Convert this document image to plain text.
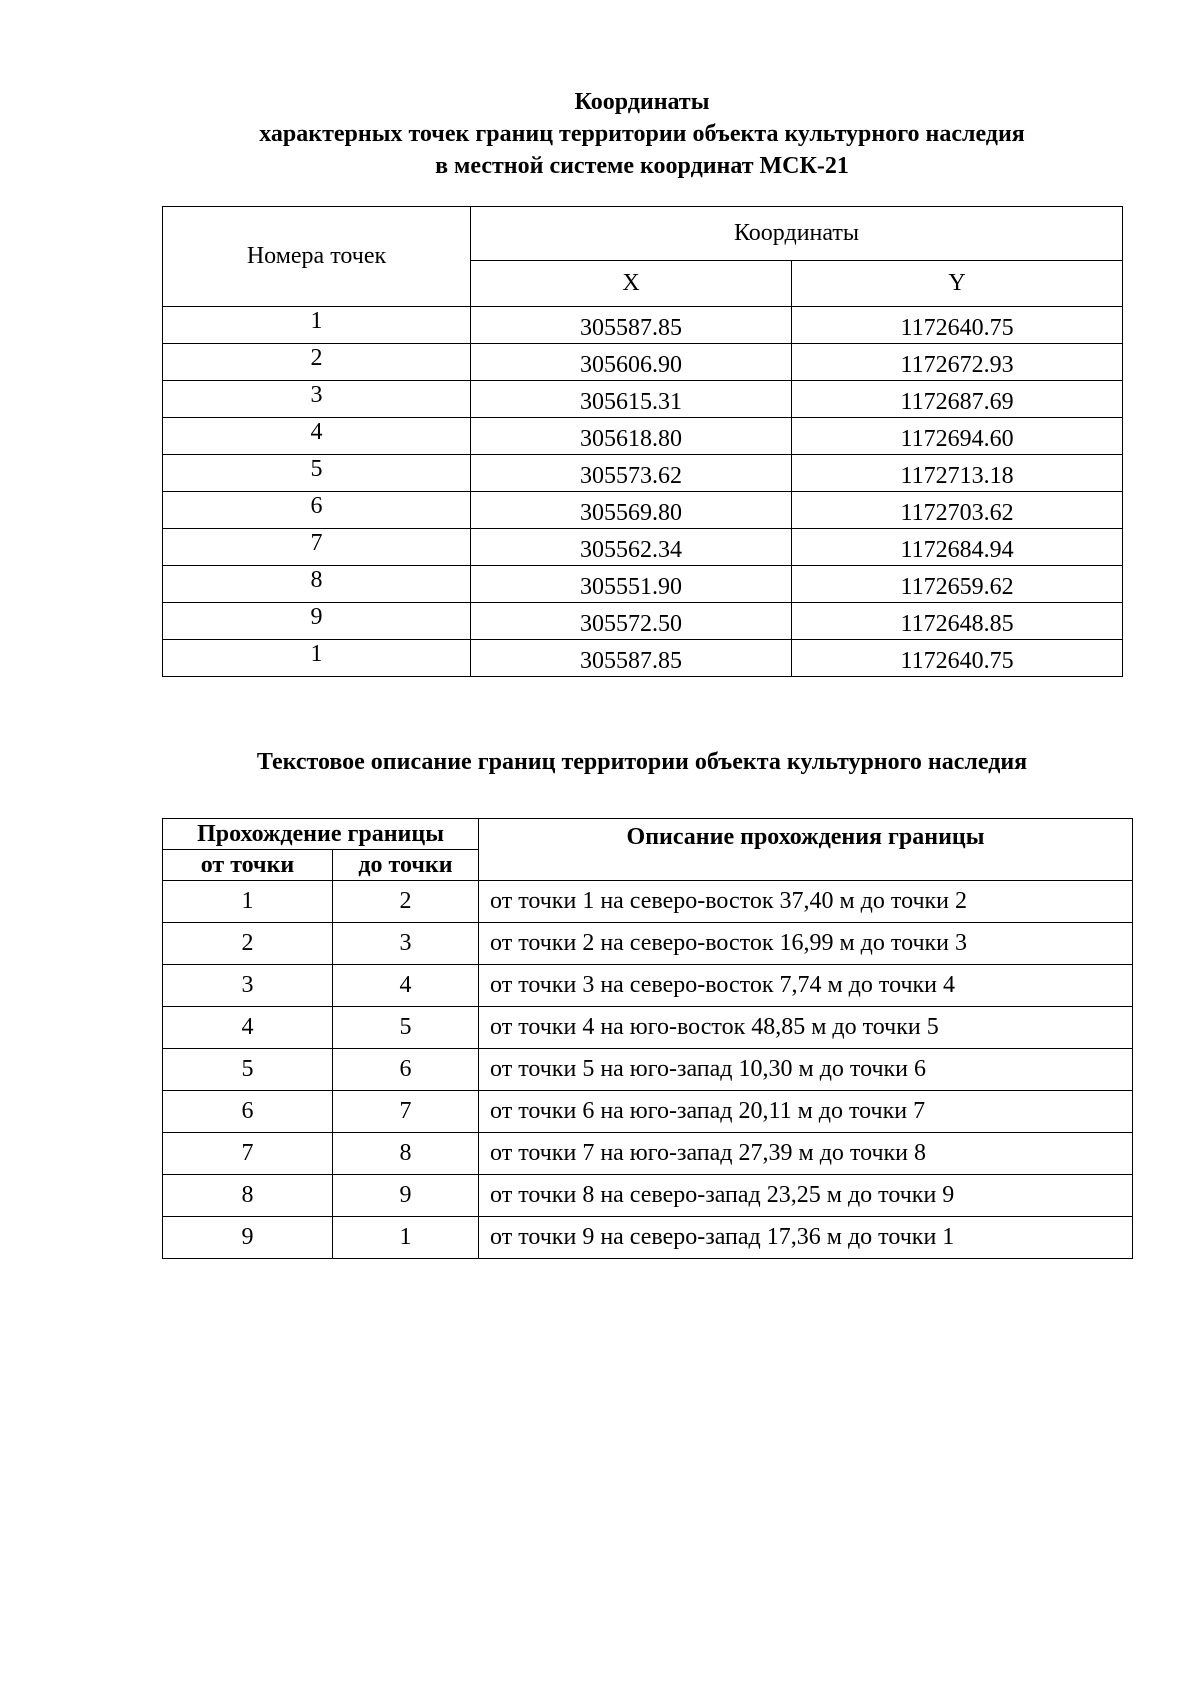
Координаты
характерных точек границ территории объекта культурного наследия
в местной системе координат МСК-21
Номера точек	Координаты	
	X	Y
1	305587.85	1172640.75
2	305606.90	1172672.93
3	305615.31	1172687.69
4	305618.80	1172694.60
5	305573.62	1172713.18
6	305569.80	1172703.62
7	305562.34	1172684.94
8	305551.90	1172659.62
9	305572.50	1172648.85
1	305587.85	1172640.75
Текстовое описание границ территории объекта культурного наследия
Прохождение границы		Описание прохождения границы
от точки	до точки	
1	2	от точки 1 на северо-восток 37,40 м до точки 2
2	3	от точки 2 на северо-восток 16,99 м до точки 3
3	4	от точки 3 на северо-восток 7,74 м до точки 4
4	5	от точки 4 на юго-восток 48,85 м до точки 5
5	6	от точки 5 на юго-запад 10,30 м до точки 6
6	7	от точки 6 на юго-запад 20,11 м до точки 7
7	8	от точки 7 на юго-запад 27,39 м до точки 8
8	9	от точки 8 на северо-запад 23,25 м до точки 9
9	1	от точки 9 на северо-запад 17,36 м до точки 1
